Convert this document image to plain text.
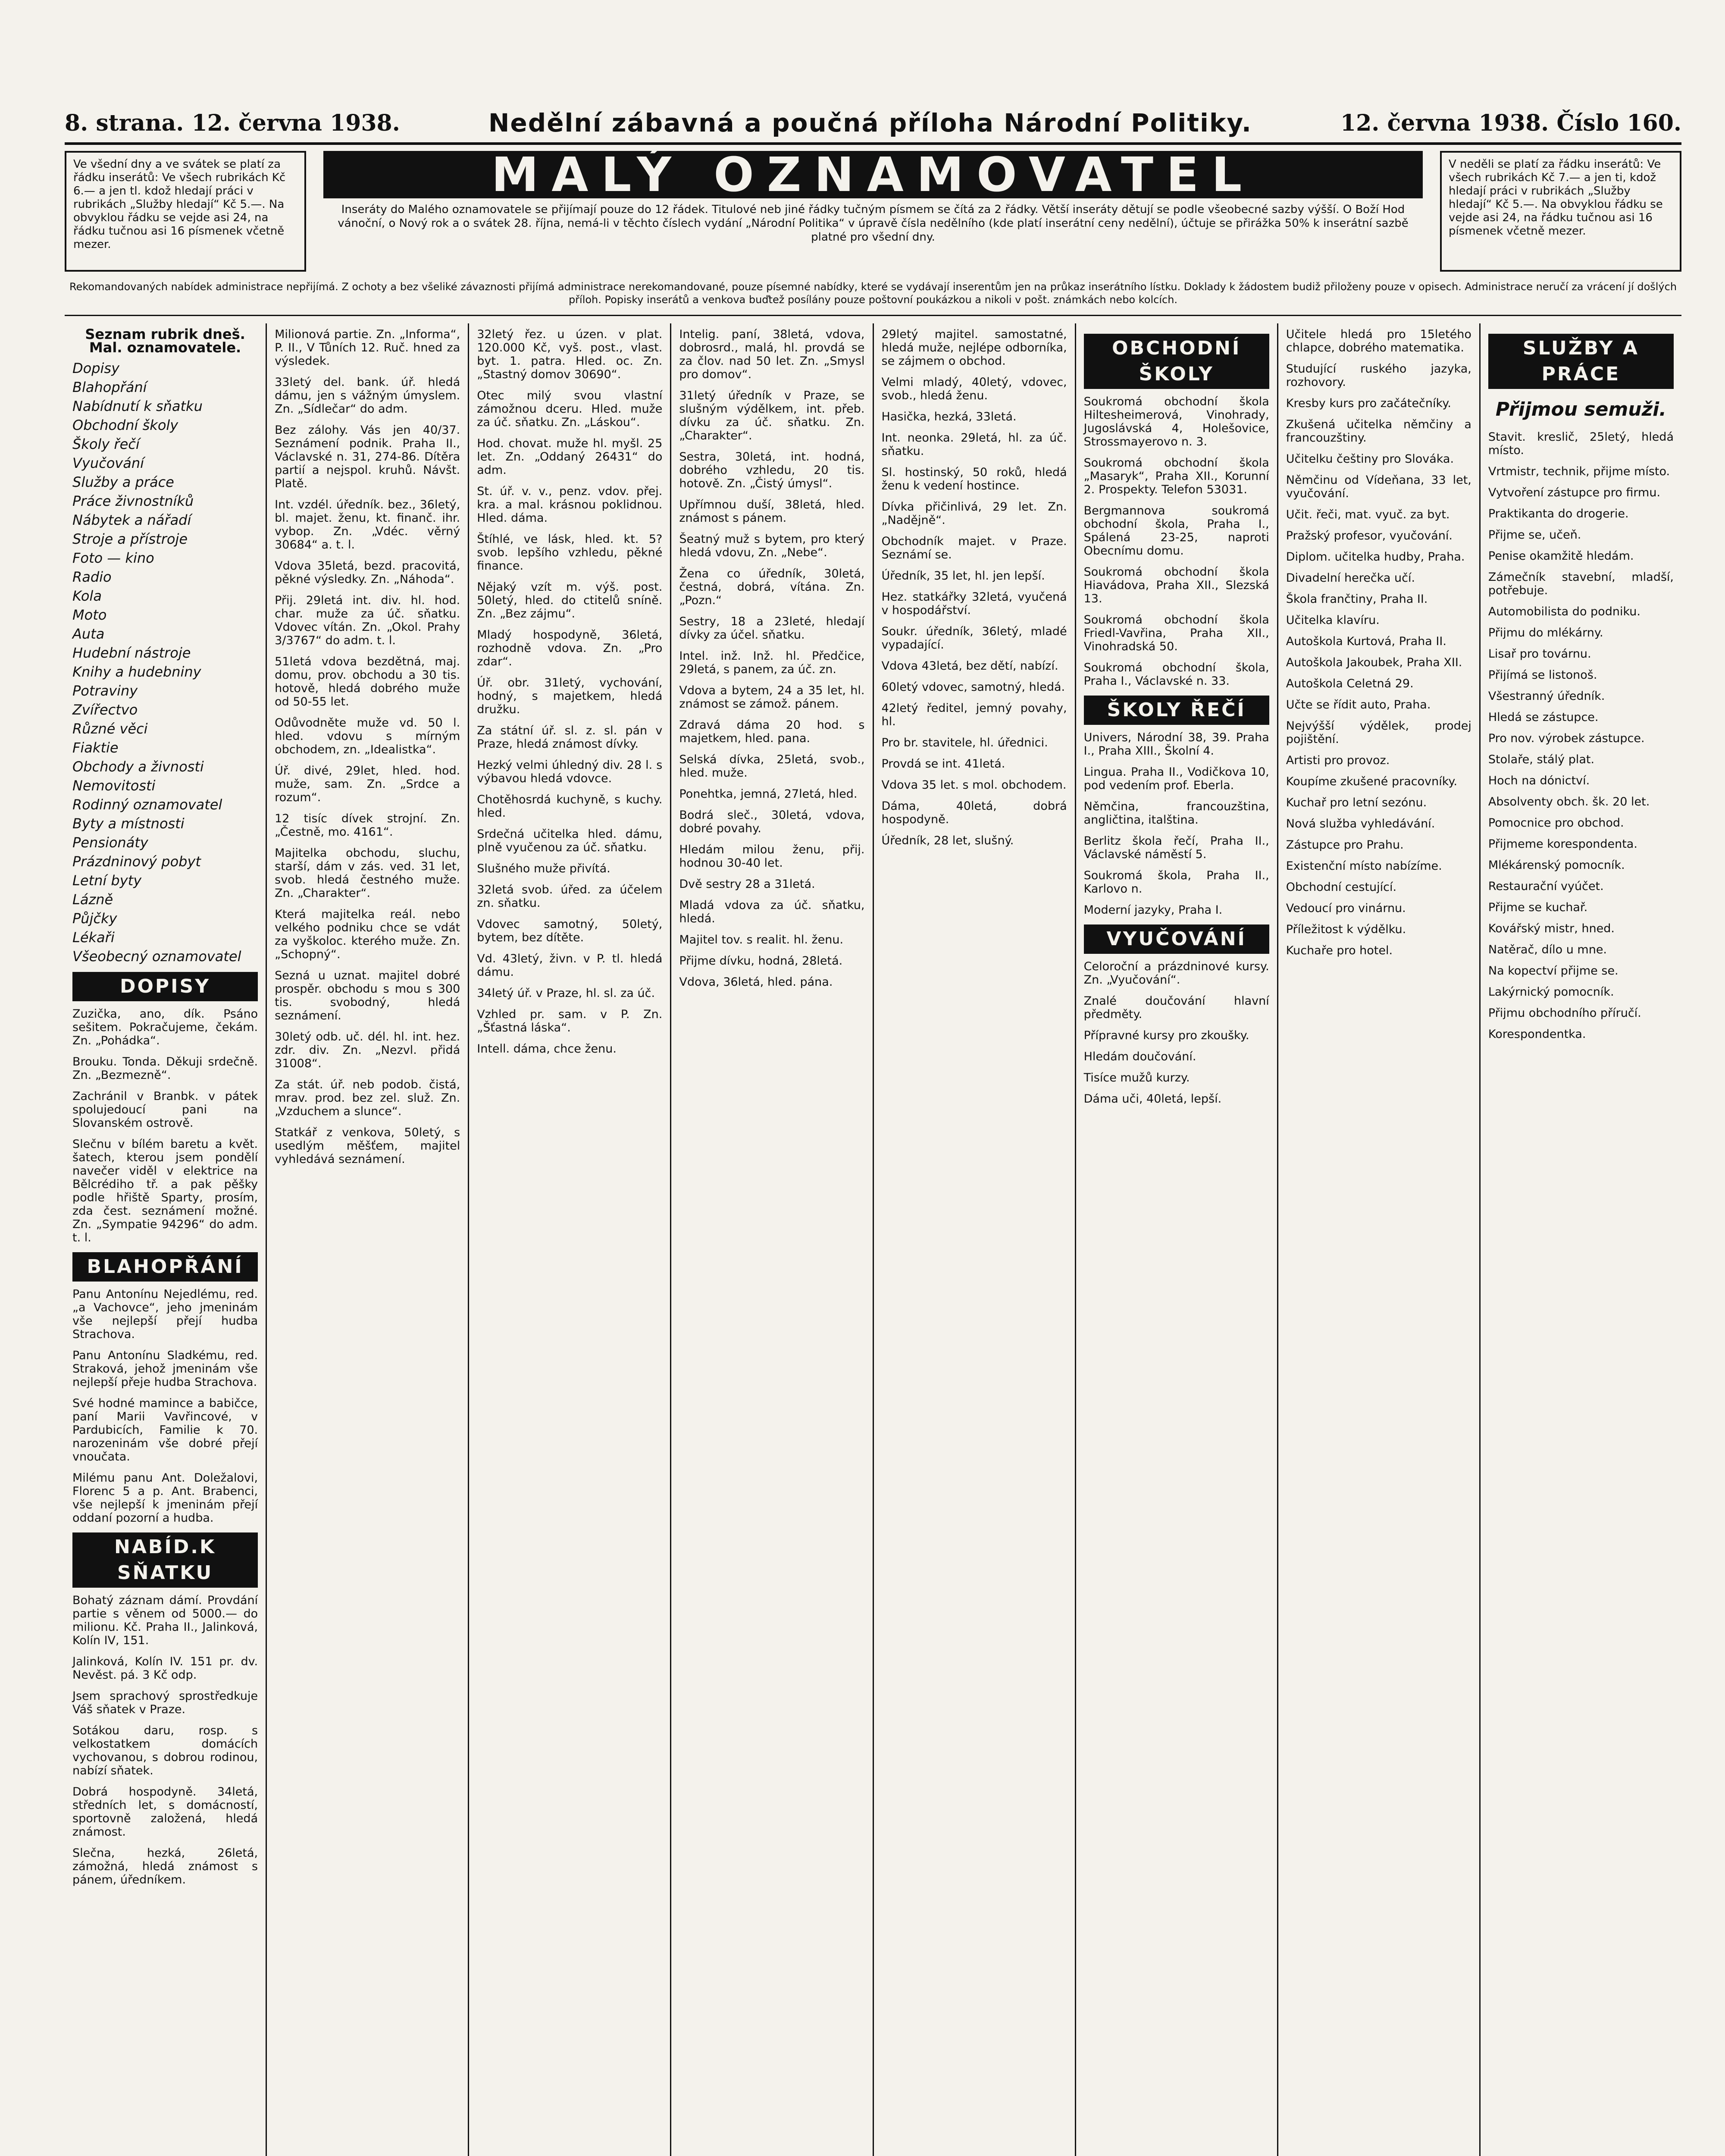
8. strana. 12. června 1938.	Nedělní zábavná a poučná příloha Národní Politiky.	12. června 1938. Číslo 160.
Ve všední dny a ve svátek se platí za řádku inserátů: Ve všech rubrikách Kč 6.— a jen tl. kdož hledají práci v rubrikách „Služby hledají“ Kč 5.—. Na obvyklou řádku se vejde asi 24, na řádku tučnou asi 16 písmenek včetně mezer.
MALÝ OZNAMOVATEL
Inseráty do Malého oznamovatele se přijímají pouze do 12 řádek. Titulové neb jiné řádky tučným písmem se čítá za 2 řádky. Větší inseráty dětují se podle všeobecné sazby výšší. O Boží Hod vánoční, o Nový rok a o svátek 28. října, nemá-li v těchto číslech vydání „Národní Politika“ v úpravě čísla nedělního (kde platí inserátní ceny nedělní), účtuje se přirážka 50% k inserátní sazbě platné pro všední dny.
V neděli se platí za řádku inserátů: Ve všech rubrikách Kč 7.— a jen ti, kdož hledají práci v rubrikách „Služby hledají“ Kč 5.—. Na obvyklou řádku se vejde asi 24, na řádku tučnou asi 16 písmenek včetně mezer.
Rekomandovaných nabídek administrace nepřijímá. Z ochoty a bez všeliké závaznosti přijímá administrace nerekomandované, pouze písemné nabídky, které se vydávají inserentům jen na průkaz inserátního lístku. Doklady k žádostem budiž přiloženy pouze v opisech. Administrace neručí za vrácení jí došlých příloh. Popisky inserátů a venkova buďtež posílány pouze poštovní poukázkou a nikoli v pošt. známkách nebo kolcích.
Seznam rubrik dneš. Mal. oznamovatele.
Dopisy
Blahopřání
Nabídnutí k sňatku
Obchodní školy
Školy řečí
Vyučování
Služby a práce
Práce živnostníků
Nábytek a nářadí
Stroje a přístroje
Foto — kino
Radio
Kola
Moto
Auta
Hudební nástroje
Knihy a hudebniny
Potraviny
Zvířectvo
Různé věci
Fiaktie
Obchody a živnosti
Nemovitosti
Rodinný oznamovatel
Byty a místnosti
Pensionáty
Prázdninový pobyt
Letní byty
Lázně
Půjčky
Lékaři
Všeobecný oznamovatel
DOPISY
Zuzička, ano, dík. Psáno sešitem. Pokračujeme, čekám. Zn. „Pohádka“.
Brouku. Tonda. Děkuji srdečně. Zn. „Bezmezně“.
Zachránil v Branbk. v pátek spolujedoucí pani na Slovanském ostrově.
Slečnu v bílém baretu a květ. šatech, kterou jsem pondělí navečer viděl v elektrice na Bělcrédiho tř. a pak pěšky podle hřiště Sparty, prosím, zda čest. seznámení možné. Zn. „Sympatie 94296“ do adm. t. l.
BLAHOPŘÁNÍ
Panu Antonínu Nejedlému, red. „a Vachovce“, jeho jmeninám vše nejlepší přejí hudba Strachova.
Panu Antonínu Sladkému, red. Straková, jehož jmeninám vše nejlepší přeje hudba Strachova.
Své hodné mamince a babičce, paní Marii Vavřincové, v Pardubicích, Familie k 70. narozeninám vše dobré přejí vnoučata.
Milému panu Ant. Doležalovi, Florenc 5 a p. Ant. Brabenci, vše nejlepší k jmeninám přejí oddaní pozorní a hudba.
NABÍD.K SŇATKU
Bohatý záznam dámí. Provdání partie s věnem od 5000.— do milionu. Kč. Praha II., Jalinková, Kolín IV, 151.
Jalinková, Kolín IV. 151 pr. dv. Nevěst. pá. 3 Kč odp.
Jsem sprachový sprostředkuje Váš sňatek v Praze.
Sotákou daru, rosp. s velkostatkem domácích vychovanou, s dobrou rodinou, nabízí sňatek.
Dobrá hospodyně. 34letá, středních let, s domácností, sportovně založená, hledá známost.
Slečna, hezká, 26letá, zámožná, hledá známost s pánem, úředníkem.
Milionová partie. Zn. „Informa“, P. II., V Tůních 12. Ruč. hned za výsledek.
33letý del. bank. úř. hledá dámu, jen s vážným úmyslem. Zn. „Sídlečar“ do adm.
Bez zálohy. Vás jen 40/37. Seznámení podnik. Praha II., Václavské n. 31, 274-86. Dítěra partií a nejspol. kruhů. Návšt. Platě.
Int. vzdél. úředník. bez., 36letý, bl. majet. ženu, kt. finanč. ihr. vybop. Zn. „Vdéc. věrný 30684“ a. t. l.
Vdova 35letá, bezd. pracovitá, pěkné výsledky. Zn. „Náhoda“.
Přij. 29letá int. div. hl. hod. char. muže za úč. sňatku. Vdovec vítán. Zn. „Okol. Prahy 3/3767“ do adm. t. l.
51letá vdova bezdětná, maj. domu, prov. obchodu a 30 tis. hotově, hledá dobrého muže od 50-55 let.
Odůvodněte muže vd. 50 l. hled. vdovu s mírným obchodem, zn. „Idealistka“.
Úř. divé, 29let, hled. hod. muže, sam. Zn. „Srdce a rozum“.
12 tisíc dívek strojní. Zn. „Čestně, mo. 4161“.
Majitelka obchodu, sluchu, starší, dám v zás. ved. 31 let, svob. hledá čestného muže. Zn. „Charakter“.
Která majitelka reál. nebo velkého podniku chce se vdát za vyškoloc. kterého muže. Zn. „Schopný“.
Sezná u uznat. majitel dobré prospěr. obchodu s mou s 300 tis. svobodný, hledá seznámení.
30letý odb. uč. dél. hl. int. hez. zdr. div. Zn. „Nezvl. přidá 31008“.
Za stát. úř. neb podob. čistá, mrav. prod. bez zel. služ. Zn. „Vzduchem a slunce“.
Statkář z venkova, 50letý, s usedlým měšťem, majitel vyhledává seznámení.
32letý řez. u úzen. v plat. 120.000 Kč, vyš. post., vlast. byt. 1. patra. Hled. oc. Zn. „Stastný domov 30690“.
Otec milý svou vlastní zámožnou dceru. Hled. muže za úč. sňatku. Zn. „Láskou“.
Hod. chovat. muže hl. myšl. 25 let. Zn. „Oddaný 26431“ do adm.
St. úř. v. v., penz. vdov. přej. kra. a mal. krásnou poklidnou. Hled. dáma.
Štíhlé, ve lásk, hled. kt. 5? svob. lepšího vzhledu, pěkné finance.
Nějaký vzít m. výš. post. 50letý, hled. do ctitelů sníně. Zn. „Bez zájmu“.
Mladý hospodyně, 36letá, rozhodně vdova. Zn. „Pro zdar“.
Úř. obr. 31letý, vychování, hodný, s majetkem, hledá družku.
Za státní úř. sl. z. sl. pán v Praze, hledá známost dívky.
Hezký velmi úhledný div. 28 l. s výbavou hledá vdovce.
Chotěhosrdá kuchyně, s kuchy. hled.
Srdečná učitelka hled. dámu, plně vyučenou za úč. sňatku.
Slušného muže přivítá.
32letá svob. úřed. za účelem zn. sňatku.
Vdovec samotný, 50letý, bytem, bez dítěte.
Vd. 43letý, živn. v P. tl. hledá dámu.
34letý úř. v Praze, hl. sl. za úč.
Vzhled pr. sam. v P. Zn. „Šťastná láska“.
Intell. dáma, chce ženu.
Intelig. paní, 38letá, vdova, dobrosrd., malá, hl. provdá se za člov. nad 50 let. Zn. „Smysl pro domov“.
31letý úředník v Praze, se slušným výdělkem, int. přeb. dívku za úč. sňatku. Zn. „Charakter“.
Sestra, 30letá, int. hodná, dobrého vzhledu, 20 tis. hotově. Zn. „Čistý úmysl“.
Upřímnou duší, 38letá, hled. známost s pánem.
Šeatný muž s bytem, pro který hledá vdovu, Zn. „Nebe“.
Žena co úředník, 30letá, čestná, dobrá, vítána. Zn. „Pozn.“
Sestry, 18 a 23leté, hledají dívky za účel. sňatku.
Intel. inž. Inž. hl. Předčice, 29letá, s panem, za úč. zn.
Vdova a bytem, 24 a 35 let, hl. známost se zámož. pánem.
Zdravá dáma 20 hod. s majetkem, hled. pana.
Selská dívka, 25letá, svob., hled. muže.
Ponehtka, jemná, 27letá, hled.
Bodrá sleč., 30letá, vdova, dobré povahy.
Hledám milou ženu, přij. hodnou 30-40 let.
Dvě sestry 28 a 31letá.
Mladá vdova za úč. sňatku, hledá.
Majitel tov. s realit. hl. ženu.
Přijme dívku, hodná, 28letá.
Vdova, 36letá, hled. pána.
29letý majitel. samostatné, hledá muže, nejlépe odborníka, se zájmem o obchod.
Velmi mladý, 40letý, vdovec, svob., hledá ženu.
Hasička, hezká, 33letá.
Int. neonka. 29letá, hl. za úč. sňatku.
Sl. hostinský, 50 roků, hledá ženu k vedení hostince.
Dívka přičinlivá, 29 let. Zn. „Nadějně“.
Obchodník majet. v Praze. Seznámí se.
Úředník, 35 let, hl. jen lepší.
Hez. statkářky 32letá, vyučená v hospodářství.
Soukr. úředník, 36letý, mladé vypadající.
Vdova 43letá, bez dětí, nabízí.
60letý vdovec, samotný, hledá.
42letý ředitel, jemný povahy, hl.
Pro br. stavitele, hl. úřednici.
Provdá se int. 41letá.
Vdova 35 let. s mol. obchodem.
Dáma, 40letá, dobrá hospodyně.
Úředník, 28 let, slušný.
OBCHODNÍ ŠKOLY
Soukromá obchodní škola Hiltesheimerová, Vinohrady, Jugoslávská 4, Holešovice, Strossmayerovo n. 3.
Soukromá obchodní škola „Masaryk“, Praha XII., Korunní 2. Prospekty. Telefon 53031.
Bergmannova soukromá obchodní škola, Praha I., Spálená 23-25, naproti Obecnímu domu.
Soukromá obchodní škola Hiavádova, Praha XII., Slezská 13.
Soukromá obchodní škola Friedl-Vavřina, Praha XII., Vinohradská 50.
Soukromá obchodní škola, Praha I., Václavské n. 33.
ŠKOLY ŘEČÍ
Univers, Národní 38, 39. Praha I., Praha XIII., Školní 4.
Lingua. Praha II., Vodičkova 10, pod vedením prof. Eberla.
Němčina, francouzština, angličtina, italština.
Berlitz škola řečí, Praha II., Václavské náměstí 5.
Soukromá škola, Praha II., Karlovo n.
Moderní jazyky, Praha I.
VYUČOVÁNÍ
Celoroční a prázdninové kursy. Zn. „Vyučování“.
Znalé doučování hlavní předměty.
Přípravné kursy pro zkoušky.
Hledám doučování.
Tisíce mužů kurzy.
Dáma uči, 40letá, lepší.
Učitele hledá pro 15letého chlapce, dobrého matematika.
Studující ruského jazyka, rozhovory.
Kresby kurs pro začátečníky.
Zkušená učitelka němčiny a francouzštiny.
Učitelku češtiny pro Slováka.
Němčinu od Vídeňana, 33 let, vyučování.
Učit. řeči, mat. vyuč. za byt.
Pražský profesor, vyučování.
Diplom. učitelka hudby, Praha.
Divadelní herečka učí.
Škola frančtiny, Praha II.
Učitelka klavíru.
Autoškola Kurtová, Praha II.
Autoškola Jakoubek, Praha XII.
Autoškola Celetná 29.
Učte se řídit auto, Praha.
Nejvýšší výdělek, prodej pojištění.
Artisti pro provoz.
Koupíme zkušené pracovníky.
Kuchař pro letní sezónu.
Nová služba vyhledávání.
Zástupce pro Prahu.
Existenční místo nabízíme.
Obchodní cestující.
Vedoucí pro vinárnu.
Příležitost k výdělku.
Kuchaře pro hotel.
SLUŽBY A PRÁCE
Přijmou semuži.
Stavit. kreslič, 25letý, hledá místo.
Vrtmistr, technik, přijme místo.
Vytvoření zástupce pro firmu.
Praktikanta do drogerie.
Přijme se, učeň.
Penise okamžitě hledám.
Zámečník stavební, mladší, potřebuje.
Automobilista do podniku.
Přijmu do mlékárny.
Lisař pro továrnu.
Přijímá se listonoš.
Všestranný úředník.
Hledá se zástupce.
Pro nov. výrobek zástupce.
Stolaře, stálý plat.
Hoch na dónictví.
Absolventy obch. šk. 20 let.
Pomocnice pro obchod.
Přijmeme korespondenta.
Mlékárenský pomocník.
Restaurační vyúčet.
Přijme se kuchař.
Kovářský mistr, hned.
Natěrač, dílo u mne.
Na kopectví přijme se.
Lakýrnický pomocník.
Přijmu obchodního příručí.
Korespondentka.
